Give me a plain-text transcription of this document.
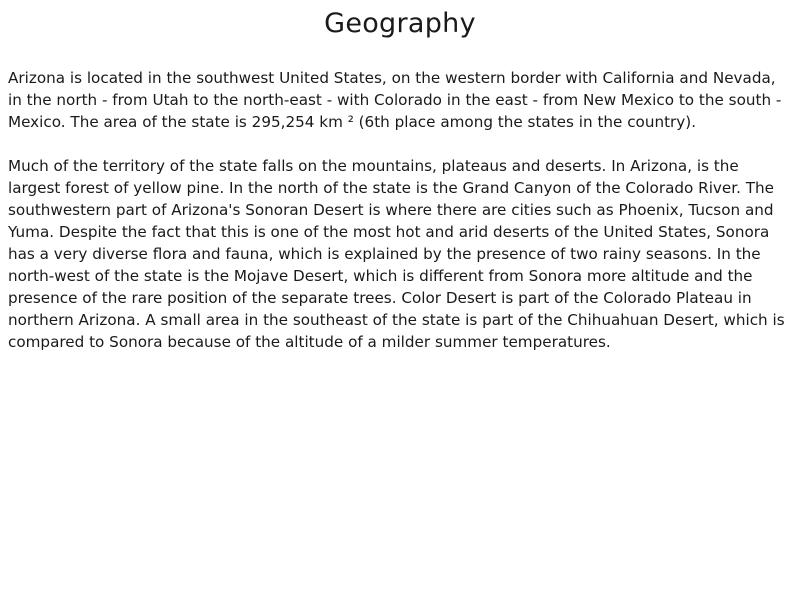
Geography

Arizona is located in the southwest United States, on the western border with California and Nevada, in the north - from Utah to the north-east - with Colorado in the east - from New Mexico to the south - Mexico. The area of the state is 295,254 km ² (6th place among the states in the country).

Much of the territory of the state falls on the mountains, plateaus and deserts. In Arizona, is the largest forest of yellow pine. In the north of the state is the Grand Canyon of the Colorado River. The southwestern part of Arizona's Sonoran Desert is where there are cities such as Phoenix, Tucson and Yuma. Despite the fact that this is one of the most hot and arid deserts of the United States, Sonora has a very diverse flora and fauna, which is explained by the presence of two rainy seasons. In the north-west of the state is the Mojave Desert, which is different from Sonora more altitude and the presence of the rare position of the separate trees. Color Desert is part of the Colorado Plateau in northern Arizona. A small area in the southeast of the state is part of the Chihuahuan Desert, which is compared to Sonora because of the altitude of a milder summer temperatures.
